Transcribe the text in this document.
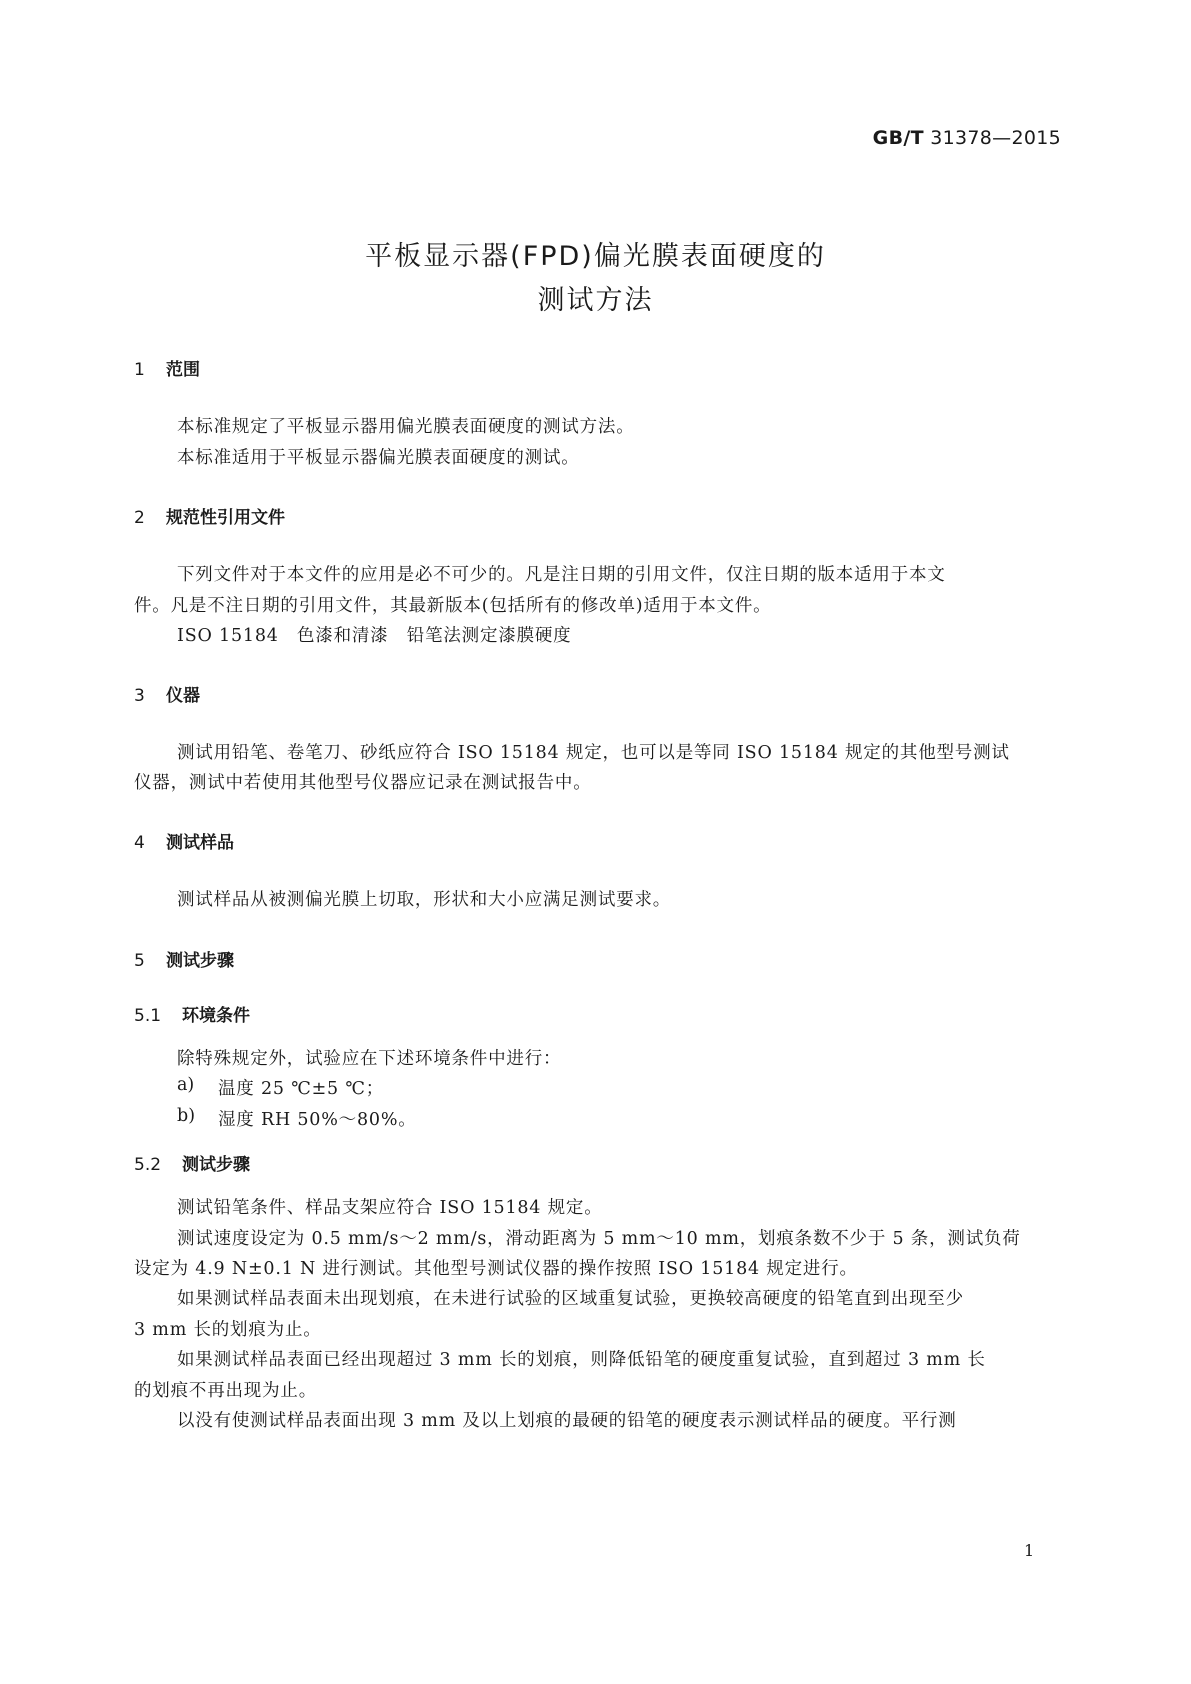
GB/T 31378—2015
平板显示器(FPD)偏光膜表面硬度的
测试方法
1 范围
本标准规定了平板显示器用偏光膜表面硬度的测试方法。
本标准适用于平板显示器偏光膜表面硬度的测试。
2 规范性引用文件
下列文件对于本文件的应用是必不可少的。凡是注日期的引用文件，仅注日期的版本适用于本文
件。凡是不注日期的引用文件，其最新版本(包括所有的修改单)适用于本文件。
ISO 15184　色漆和清漆　铅笔法测定漆膜硬度
3 仪器
测试用铅笔、卷笔刀、砂纸应符合 ISO 15184 规定，也可以是等同 ISO 15184 规定的其他型号测试
仪器，测试中若使用其他型号仪器应记录在测试报告中。
4 测试样品
测试样品从被测偏光膜上切取，形状和大小应满足测试要求。
5 测试步骤
5.1 环境条件
除特殊规定外，试验应在下述环境条件中进行：
a) 温度 25 ℃±5 ℃；
b) 湿度 RH 50%～80%。
5.2 测试步骤
测试铅笔条件、样品支架应符合 ISO 15184 规定。
测试速度设定为 0.5 mm/s～2 mm/s，滑动距离为 5 mm～10 mm，划痕条数不少于 5 条，测试负荷
设定为 4.9 N±0.1 N 进行测试。其他型号测试仪器的操作按照 ISO 15184 规定进行。
如果测试样品表面未出现划痕，在未进行试验的区域重复试验，更换较高硬度的铅笔直到出现至少
3 mm 长的划痕为止。
如果测试样品表面已经出现超过 3 mm 长的划痕，则降低铅笔的硬度重复试验，直到超过 3 mm 长
的划痕不再出现为止。
以没有使测试样品表面出现 3 mm 及以上划痕的最硬的铅笔的硬度表示测试样品的硬度。平行测
1
